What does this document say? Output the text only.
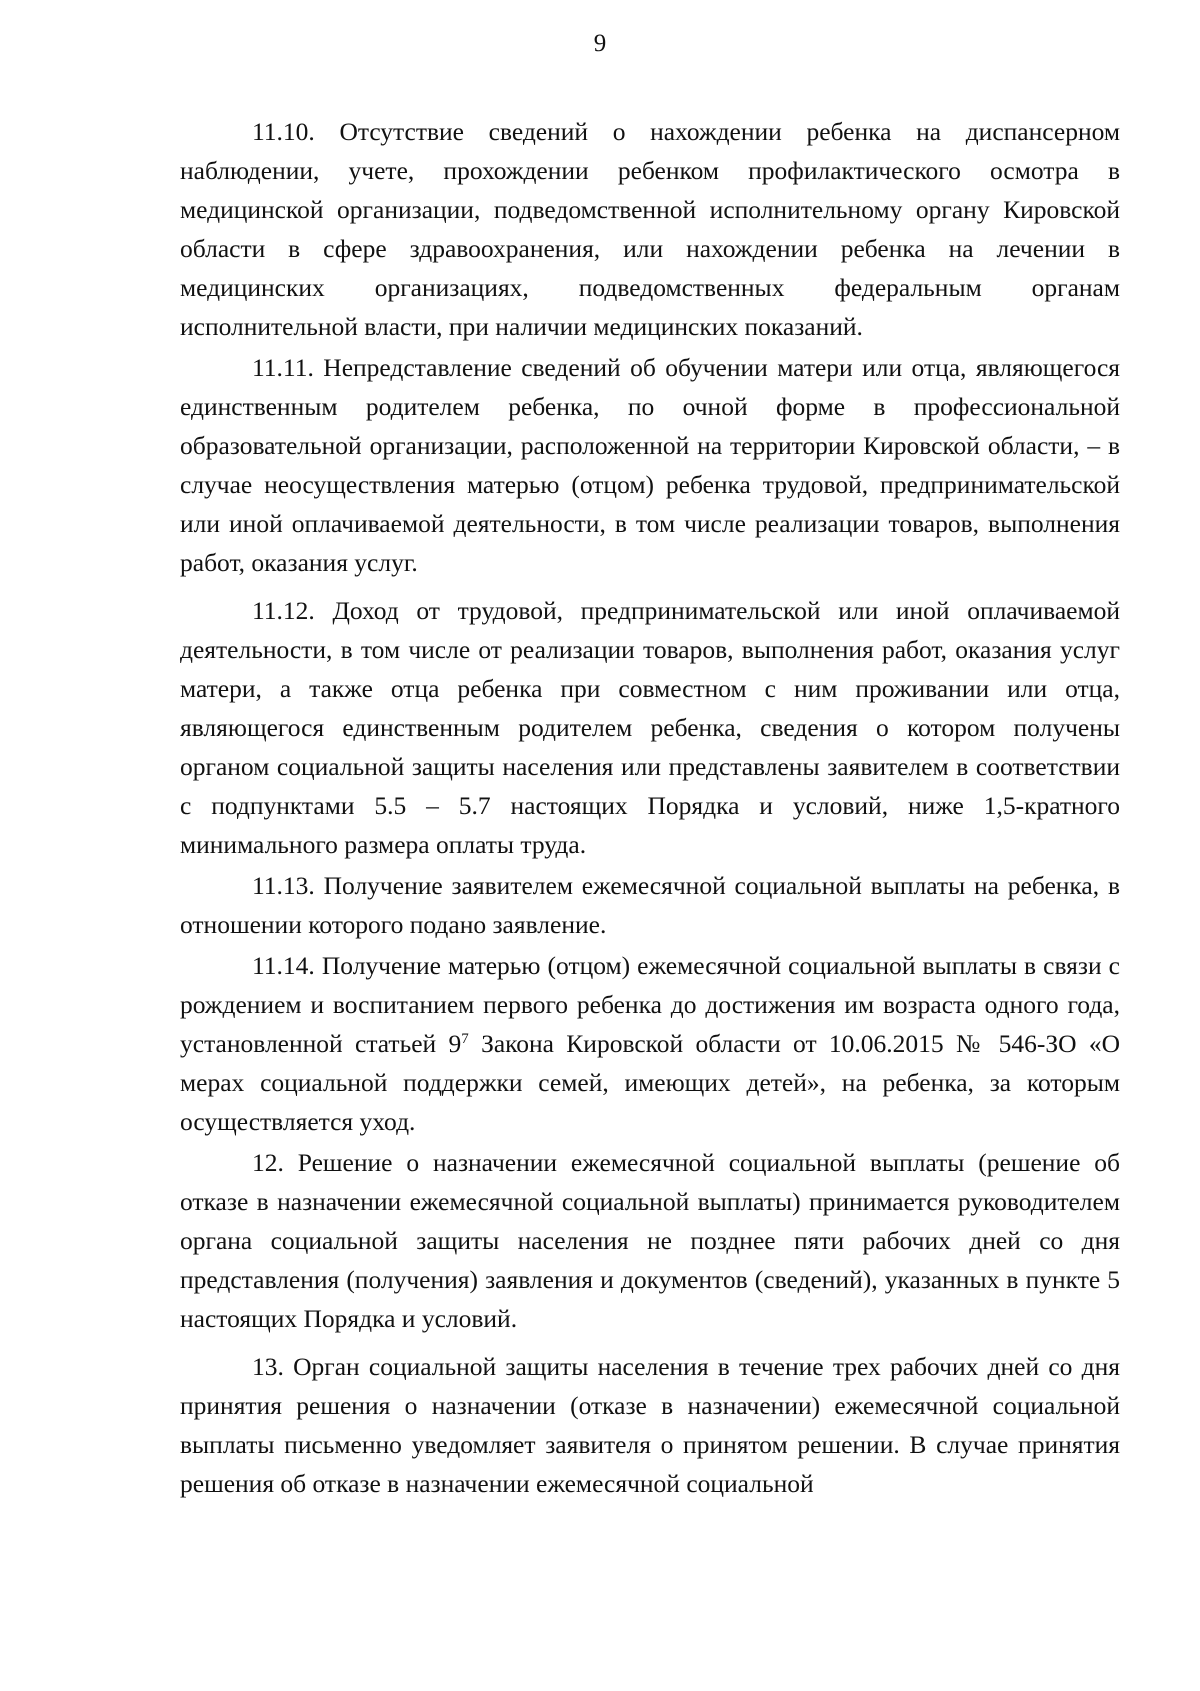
9

11.10. Отсутствие сведений о нахождении ребенка на диспансерном наблюдении, учете, прохождении ребенком профилактического осмотра в медицинской организации, подведомственной исполнительному органу Кировской области в сфере здравоохранения, или нахождении ребенка на лечении в медицинских организациях, подведомственных федеральным органам исполнительной власти, при наличии медицинских показаний.

11.11. Непредставление сведений об обучении матери или отца, являющегося единственным родителем ребенка, по очной форме в профессиональной образовательной организации, расположенной на территории Кировской области, – в случае неосуществления матерью (отцом) ребенка трудовой, предпринимательской или иной оплачиваемой деятельности, в том числе реализации товаров, выполнения работ, оказания услуг.

11.12. Доход от трудовой, предпринимательской или иной оплачиваемой деятельности, в том числе от реализации товаров, выполнения работ, оказания услуг матери, а также отца ребенка при совместном с ним проживании или отца, являющегося единственным родителем ребенка, сведения о котором получены органом социальной защиты населения или представлены заявителем в соответствии с подпунктами 5.5 – 5.7 настоящих Порядка и условий, ниже 1,5-кратного минимального размера оплаты труда.

11.13. Получение заявителем ежемесячной социальной выплаты на ребенка, в отношении которого подано заявление.

11.14. Получение матерью (отцом) ежемесячной социальной выплаты в связи с рождением и воспитанием первого ребенка до достижения им возраста одного года, установленной статьей $9^7$ Закона Кировской области от 10.06.2015 № 546-ЗО «О мерах социальной поддержки семей, имеющих детей», на ребенка, за которым осуществляется уход.

12. Решение о назначении ежемесячной социальной выплаты (решение об отказе в назначении ежемесячной социальной выплаты) принимается руководителем органа социальной защиты населения не позднее пяти рабочих дней со дня представления (получения) заявления и документов (сведений), указанных в пункте 5 настоящих Порядка и условий.

13. Орган социальной защиты населения в течение трех рабочих дней со дня принятия решения о назначении (отказе в назначении) ежемесячной социальной выплаты письменно уведомляет заявителя о принятом решении. В случае принятия решения об отказе в назначении ежемесячной социальной
